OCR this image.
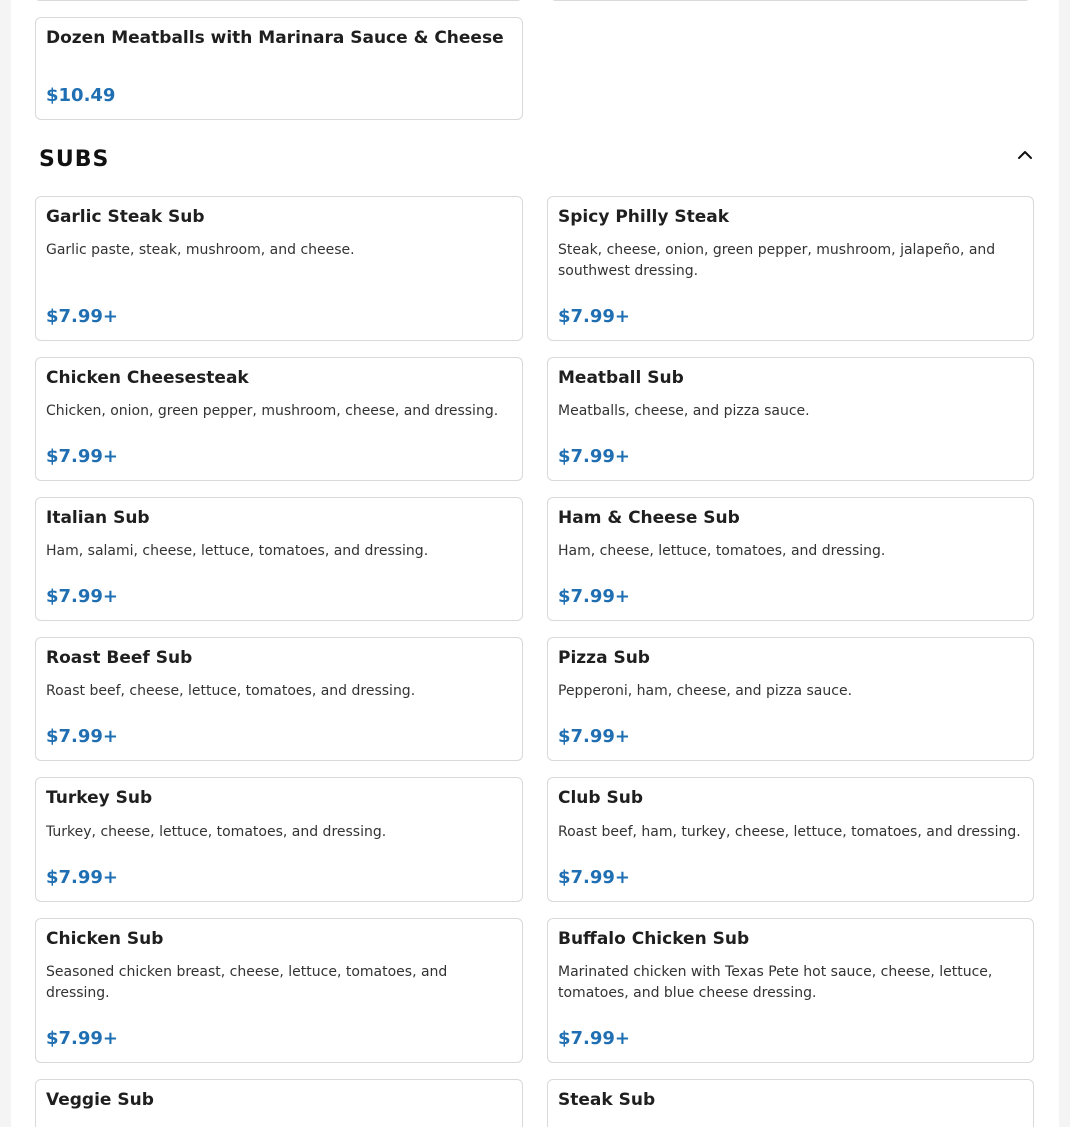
Dozen Meatballs with Marinara Sauce & Cheese
$10.49
SUBS
Garlic Steak Sub
Garlic paste, steak, mushroom, and cheese.
$7.99+
Spicy Philly Steak
Steak, cheese, onion, green pepper, mushroom, jalapeño, and southwest dressing.
$7.99+
Chicken Cheesesteak
Chicken, onion, green pepper, mushroom, cheese, and dressing.
$7.99+
Meatball Sub
Meatballs, cheese, and pizza sauce.
$7.99+
Italian Sub
Ham, salami, cheese, lettuce, tomatoes, and dressing.
$7.99+
Ham & Cheese Sub
Ham, cheese, lettuce, tomatoes, and dressing.
$7.99+
Roast Beef Sub
Roast beef, cheese, lettuce, tomatoes, and dressing.
$7.99+
Pizza Sub
Pepperoni, ham, cheese, and pizza sauce.
$7.99+
Turkey Sub
Turkey, cheese, lettuce, tomatoes, and dressing.
$7.99+
Club Sub
Roast beef, ham, turkey, cheese, lettuce, tomatoes, and dressing.
$7.99+
Chicken Sub
Seasoned chicken breast, cheese, lettuce, tomatoes, and dressing.
$7.99+
Buffalo Chicken Sub
Marinated chicken with Texas Pete hot sauce, cheese, lettuce, tomatoes, and blue cheese dressing.
$7.99+
Veggie Sub	Steak Sub
